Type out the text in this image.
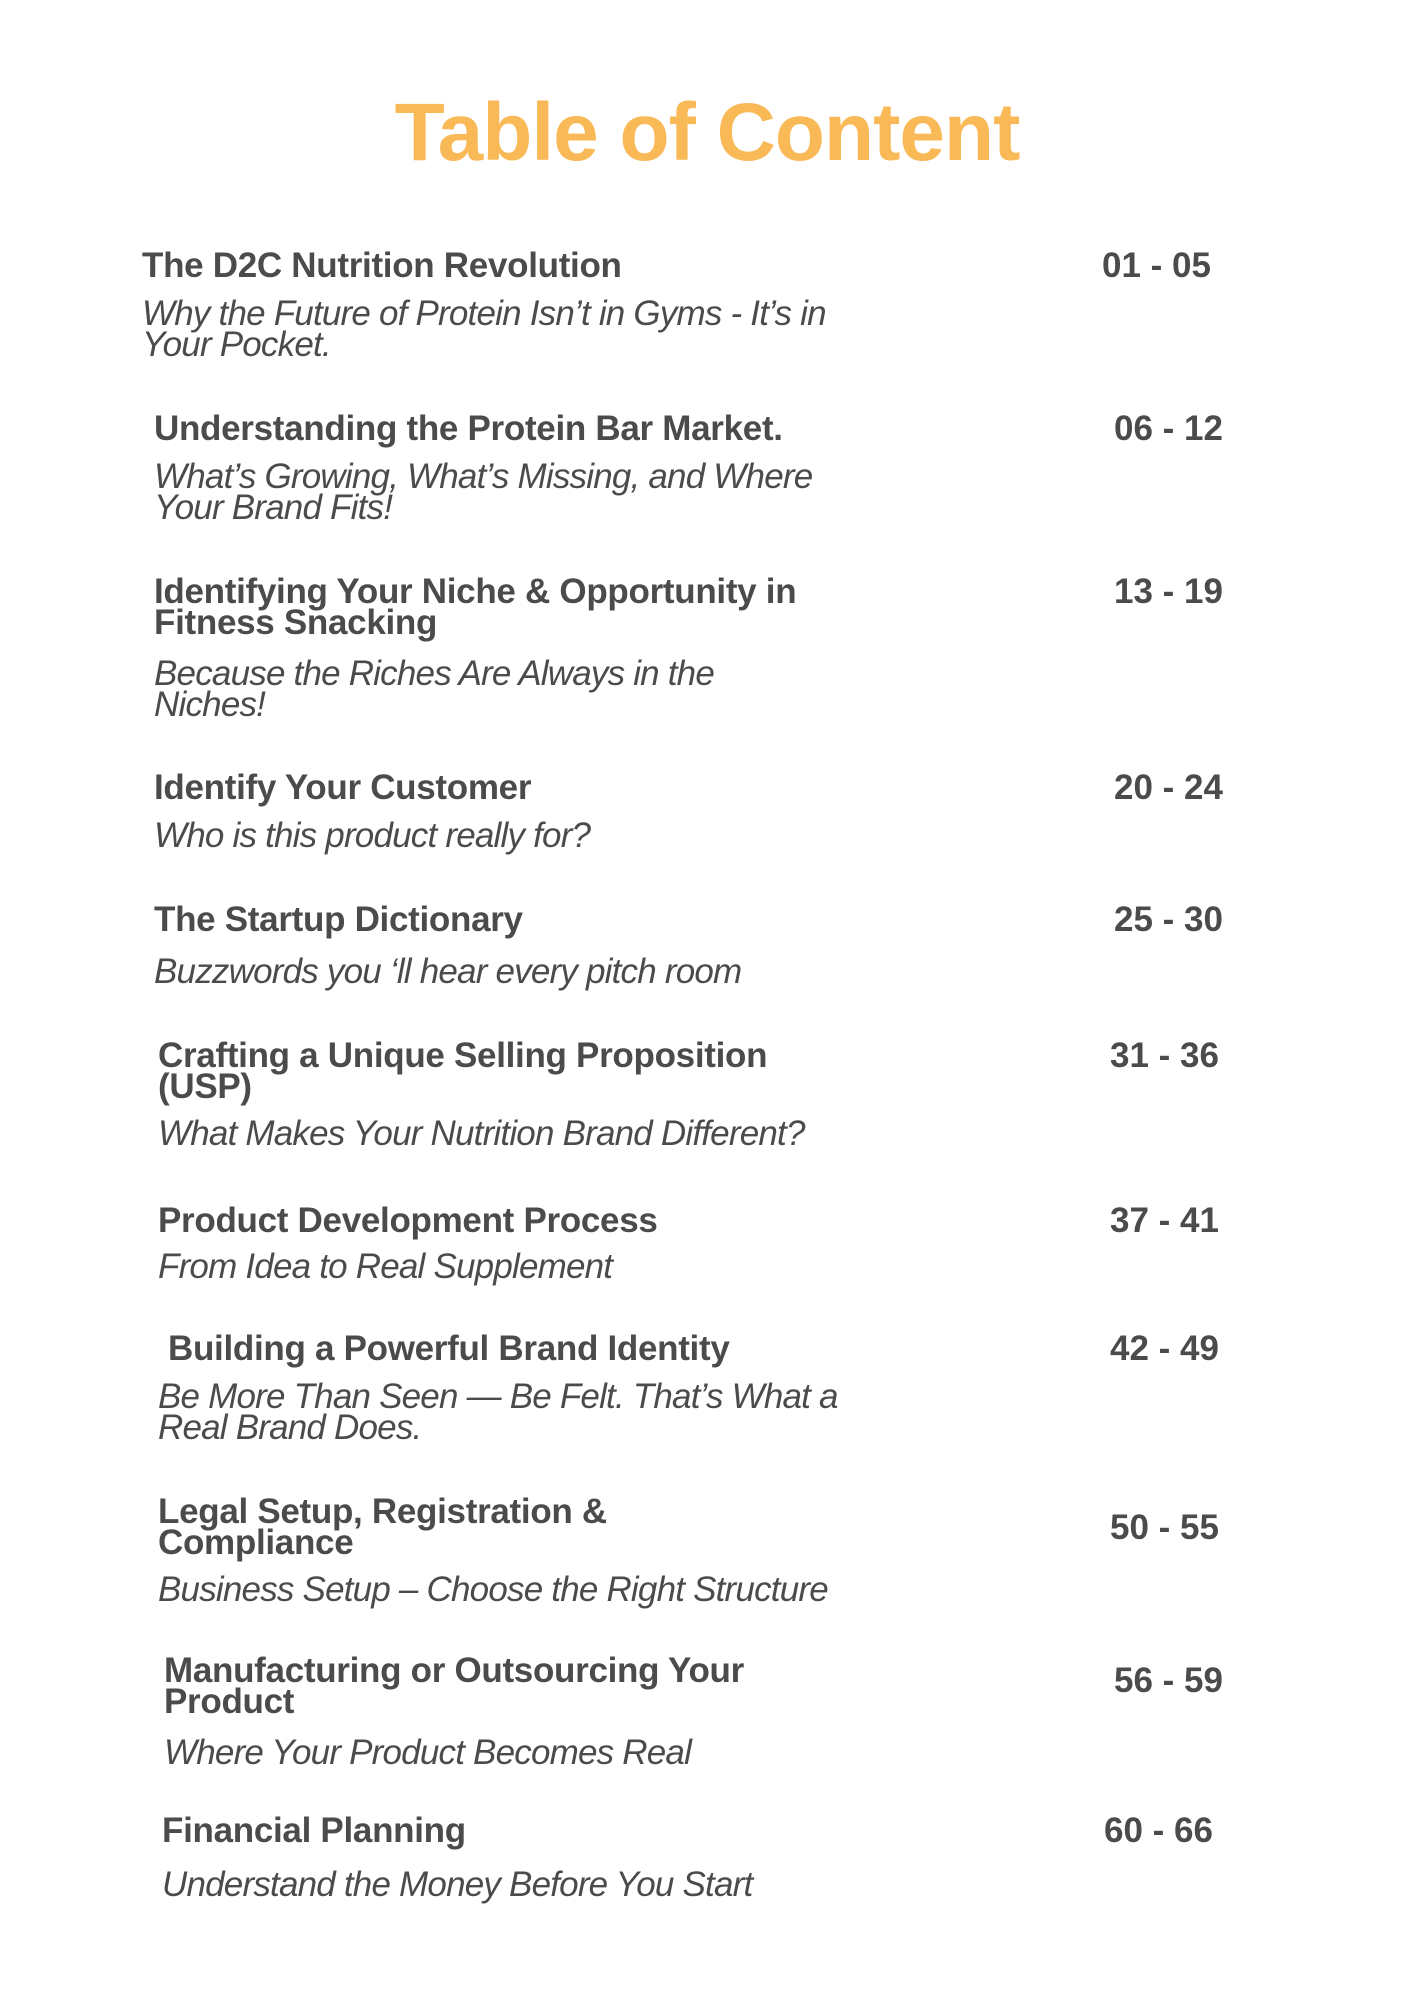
Table of Content
The D2C Nutrition Revolution
Why the Future of Protein Isn’t in Gyms - It’s in Your Pocket.
01 - 05
Understanding the Protein Bar Market.
What’s Growing, What’s Missing, and Where Your Brand Fits!
06 - 12
Identifying Your Niche & Opportunity in Fitness Snacking
Because the Riches Are Always in the Niches!
13 - 19
Identify Your Customer
Who is this product really for?
20 - 24
The Startup Dictionary
Buzzwords you ‘ll hear every pitch room
25 - 30
Crafting a Unique Selling Proposition (USP)
What Makes Your Nutrition Brand Different?
31 - 36
Product Development Process
From Idea to Real Supplement
37 - 41
Building a Powerful Brand Identity
Be More Than Seen — Be Felt. That’s What a Real Brand Does.
42 - 49
Legal Setup, Registration & Compliance
Business Setup – Choose the Right Structure
50 - 55
Manufacturing or Outsourcing Your Product
Where Your Product Becomes Real
56 - 59
Financial Planning
Understand the Money Before You Start
60 - 66
